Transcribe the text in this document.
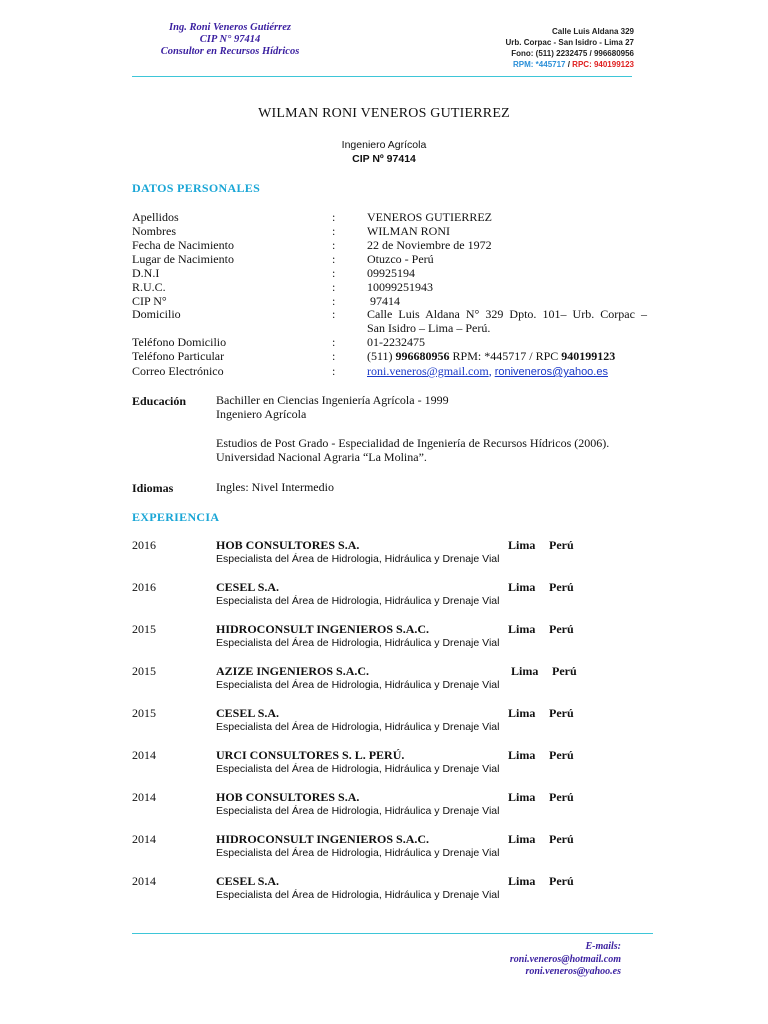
Ing. Roni Veneros Gutiérrez
CIP N° 97414
Consultor en Recursos Hídricos
Calle Luis Aldana 329
Urb. Corpac - San Isidro - Lima 27
Fono: (511) 2232475 / 996680956
RPM: *445717 / RPC: 940199123
WILMAN RONI VENEROS GUTIERREZ
Ingeniero Agrícola
CIP Nº 97414
DATOS PERSONALES
Apellidos	:	VENEROS GUTIERREZ
Nombres	:	WILMAN RONI
Fecha de Nacimiento	:	22 de Noviembre de 1972
Lugar de Nacimiento	:	Otuzco - Perú
D.N.I	:	09925194
R.U.C.	:	10099251943
CIP N°	:	97414
Domicilio	:	Calle Luis Aldana N° 329 Dpto. 101– Urb. Corpac –
San Isidro – Lima – Perú.
Teléfono Domicilio	:	01-2232475
Teléfono Particular	:	(511) 996680956 RPM: *445717 / RPC 940199123
Correo Electrónico	:	roni.veneros@gmail.com, roniveneros@yahoo.es
Educación Bachiller en Ciencias Ingeniería Agrícola - 1999
Ingeniero Agrícola
Estudios de Post Grado - Especialidad de Ingeniería de Recursos Hídricos (2006).
Universidad Nacional Agraria “La Molina”.
Idiomas	Ingles: Nivel Intermedio
EXPERIENCIA
2016	HOB CONSULTORES S.A.	Lima Perú
Especialista del Área de Hidrologia, Hidráulica y Drenaje Vial
2016	CESEL S.A.	Lima Perú
Especialista del Área de Hidrologia, Hidráulica y Drenaje Vial
2015	HIDROCONSULT INGENIEROS S.A.C.	Lima Perú
Especialista del Área de Hidrologia, Hidráulica y Drenaje Vial
2015	AZIZE INGENIEROS S.A.C.	Lima Perú
Especialista del Área de Hidrologia, Hidráulica y Drenaje Vial
2015	CESEL S.A.	Lima Perú
Especialista del Área de Hidrologia, Hidráulica y Drenaje Vial
2014	URCI CONSULTORES S. L. PERÚ.	Lima Perú
Especialista del Área de Hidrologia, Hidráulica y Drenaje Vial
2014	HOB CONSULTORES S.A.	Lima Perú
Especialista del Área de Hidrologia, Hidráulica y Drenaje Vial
2014	HIDROCONSULT INGENIEROS S.A.C.	Lima Perú
Especialista del Área de Hidrologia, Hidráulica y Drenaje Vial
2014	CESEL S.A.	Lima Perú
Especialista del Área de Hidrologia, Hidráulica y Drenaje Vial
E-mails:
roni.veneros@hotmail.com
roni.veneros@yahoo.es
